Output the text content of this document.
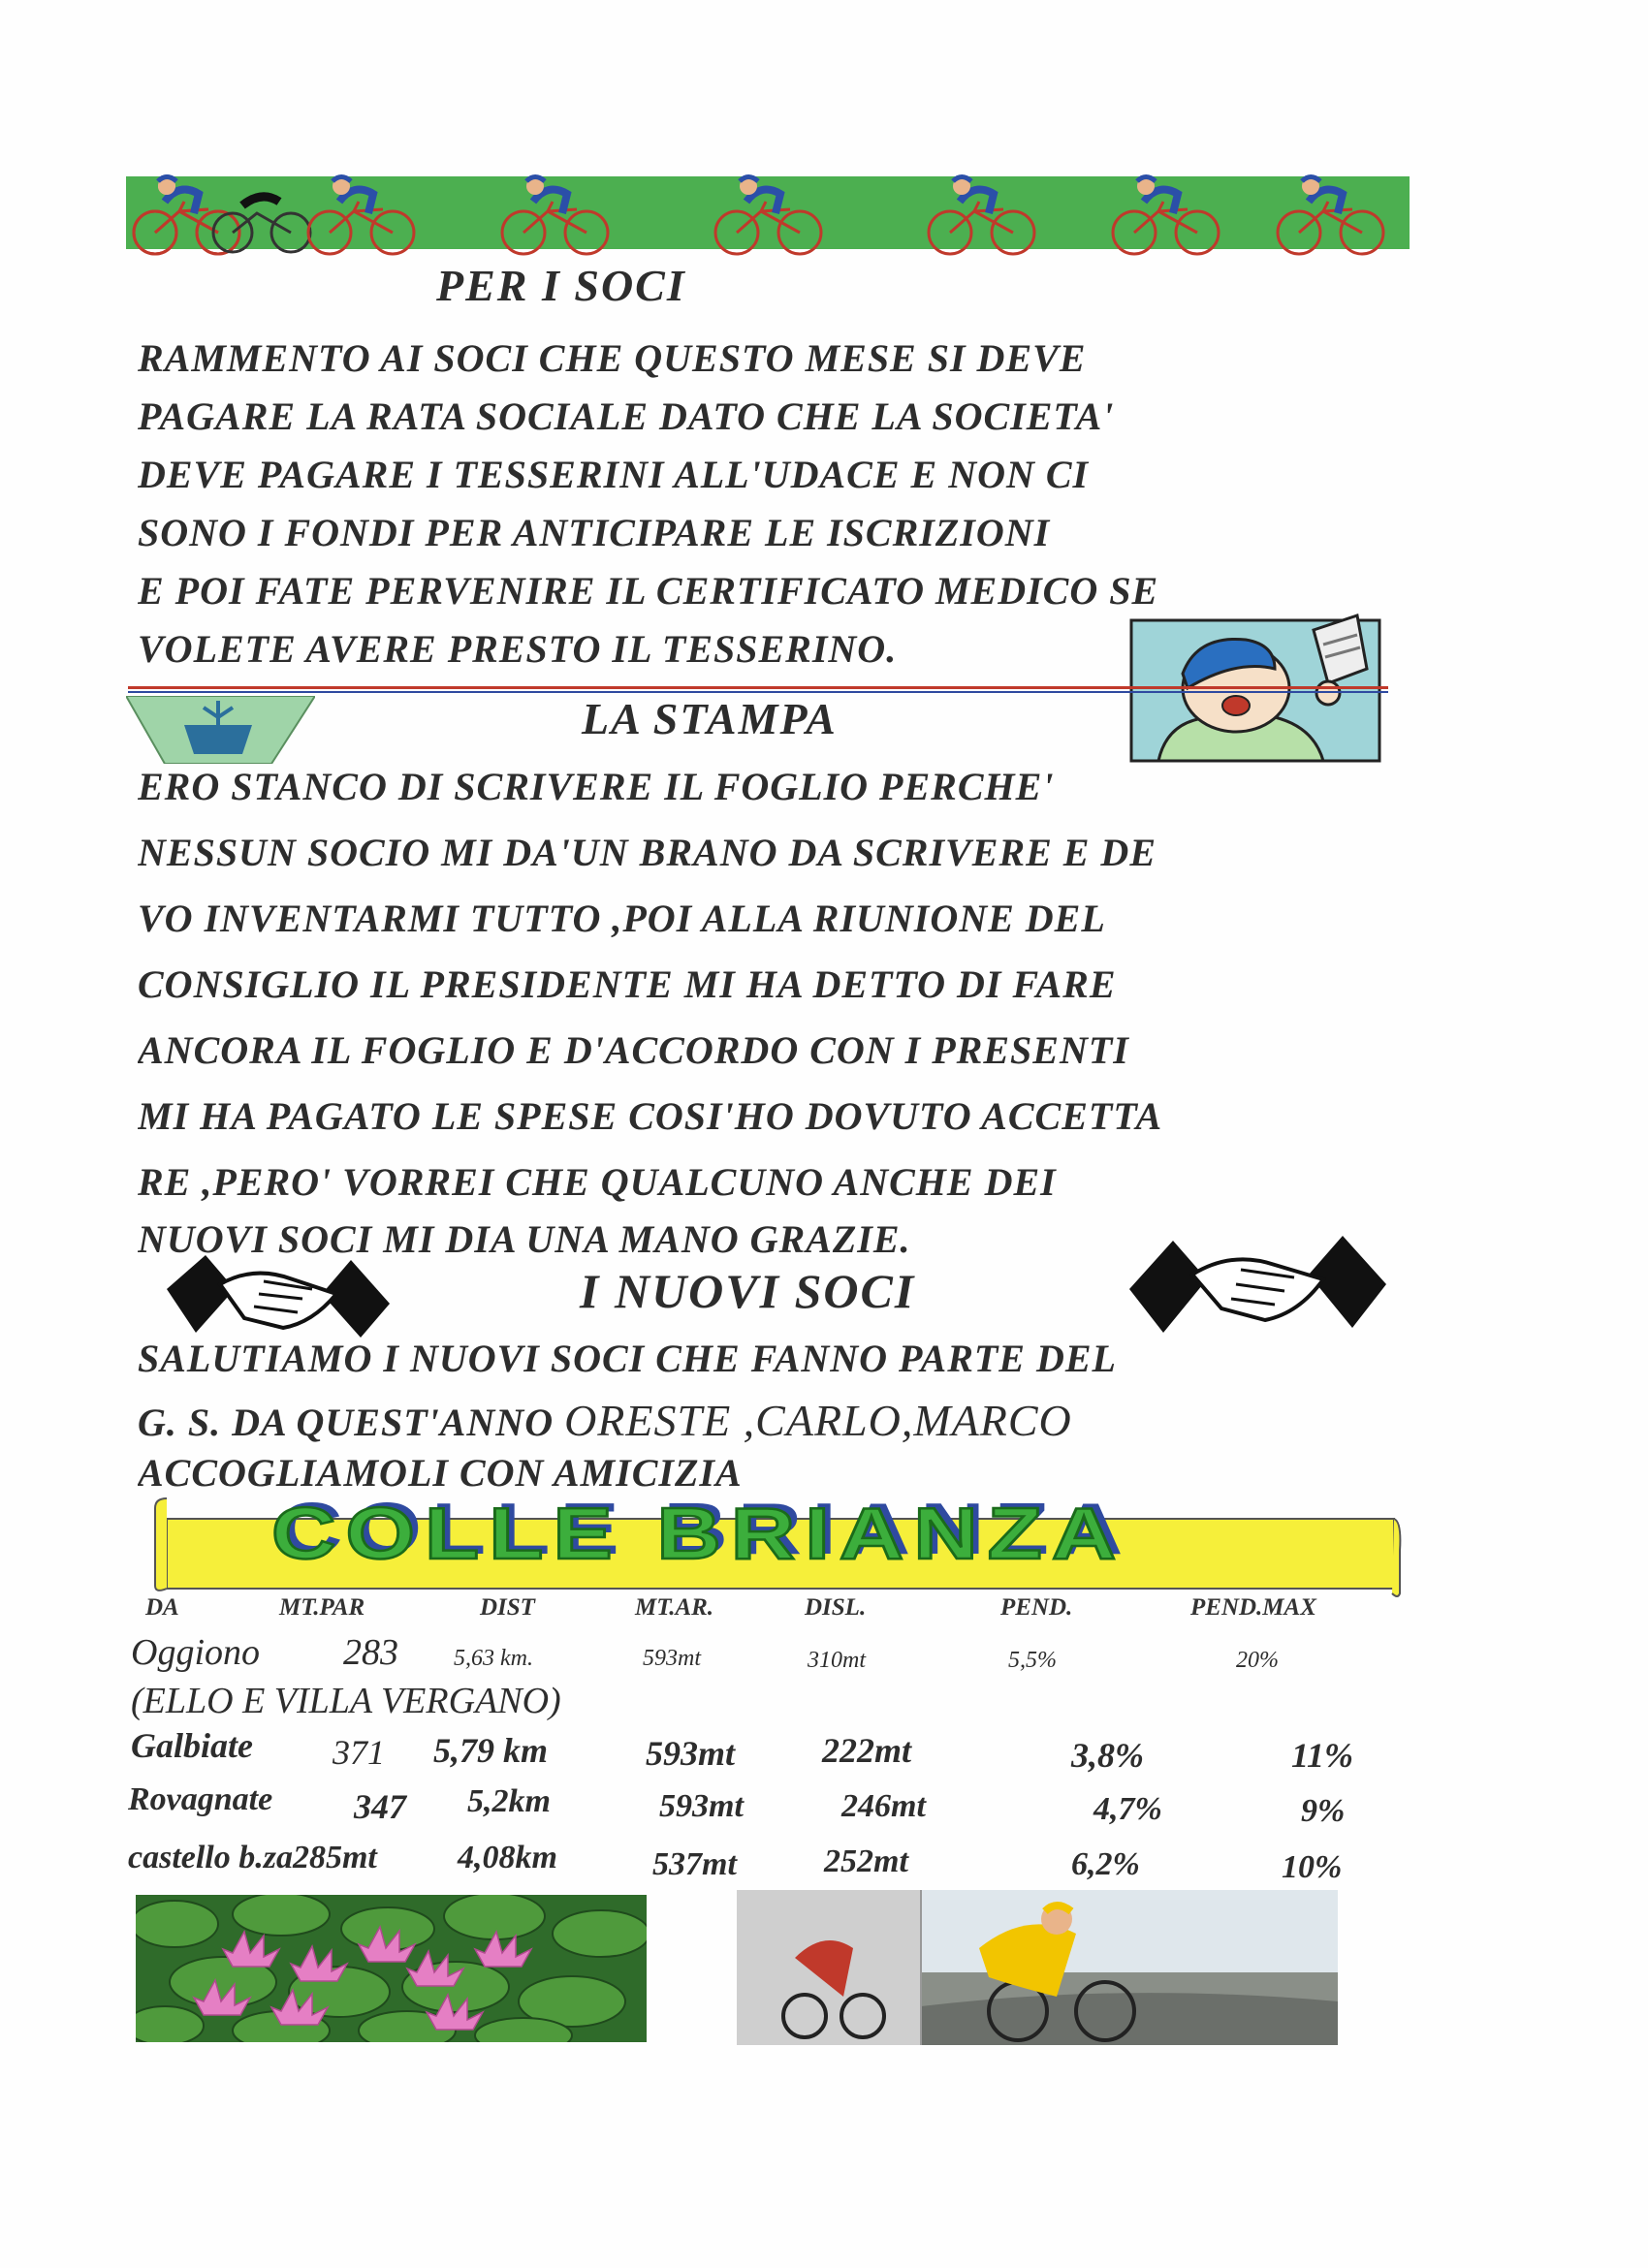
PER I SOCI
RAMMENTO AI SOCI CHE QUESTO MESE SI DEVE
PAGARE LA RATA SOCIALE DATO CHE LA SOCIETA'
DEVE PAGARE I TESSERINI ALL'UDACE E NON CI
SONO I FONDI PER ANTICIPARE LE ISCRIZIONI
E POI FATE PERVENIRE IL CERTIFICATO MEDICO SE
VOLETE AVERE PRESTO IL TESSERINO.
LA STAMPA
ERO STANCO DI SCRIVERE IL FOGLIO PERCHE'
NESSUN SOCIO MI DA'UN BRANO DA SCRIVERE E DE
VO INVENTARMI TUTTO ,POI ALLA RIUNIONE DEL
CONSIGLIO IL PRESIDENTE MI HA DETTO DI FARE
ANCORA IL FOGLIO E D'ACCORDO CON I PRESENTI
MI HA PAGATO LE SPESE COSI'HO DOVUTO ACCETTA
RE ,PERO' VORREI CHE QUALCUNO ANCHE DEI
NUOVI SOCI MI DIA UNA MANO GRAZIE.
I NUOVI SOCI
SALUTIAMO I NUOVI SOCI CHE FANNO PARTE DEL
G. S. DA QUEST'ANNO ORESTE ,CARLO,MARCO
ACCOGLIAMOLI CON AMICIZIA
COLLE BRIANZA
DA	MT.PAR	DIST	MT.AR.	DISL.	PEND.	PEND.MAX
Oggiono 283 5,63 km.	593mt	310mt	5,5%	20%
(ELLO E VILLA VERGANO)
Galbiate 371 5,79 km	593mt 222mt	3,8%	11%
Rovagnate 347 5,2km	593mt	246mt	4,7%	9%
castello b.za285mt 4,08km	537mt	252mt	6,2%	10%
